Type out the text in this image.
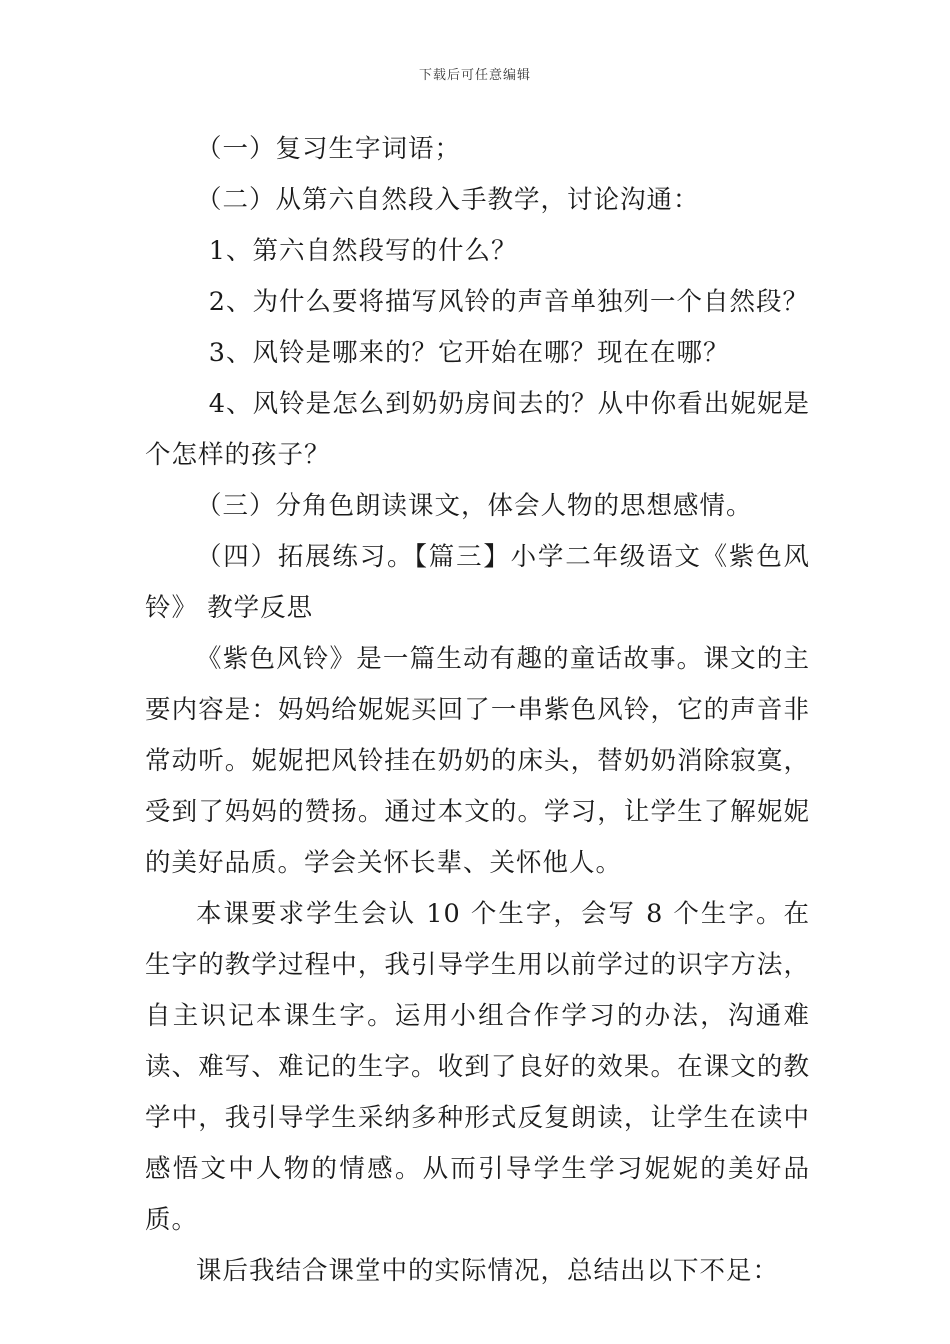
下载后可任意编辑

（一）复习生字词语；

（二）从第六自然段入手教学，讨论沟通：

1、第六自然段写的什么？

2、为什么要将描写风铃的声音单独列一个自然段？

3、风铃是哪来的？它开始在哪？现在在哪？

4、风铃是怎么到奶奶房间去的？从中你看出妮妮是个怎样的孩子？

（三）分角色朗读课文，体会人物的思想感情。

（四）拓展练习。【篇三】小学二年级语文《紫色风铃》 教学反思

《紫色风铃》是一篇生动有趣的童话故事。课文的主要内容是：妈妈给妮妮买回了一串紫色风铃，它的声音非常动听。妮妮把风铃挂在奶奶的床头，替奶奶消除寂寞，受到了妈妈的赞扬。通过本文的。学习，让学生了解妮妮的美好品质。学会关怀长辈、关怀他人。

本课要求学生会认 10 个生字，会写 8 个生字。在生字的教学过程中，我引导学生用以前学过的识字方法，自主识记本课生字。运用小组合作学习的办法，沟通难读、难写、难记的生字。收到了良好的效果。在课文的教学中，我引导学生采纳多种形式反复朗读，让学生在读中感悟文中人物的情感。从而引导学生学习妮妮的美好品质。

课后我结合课堂中的实际情况，总结出以下不足：
